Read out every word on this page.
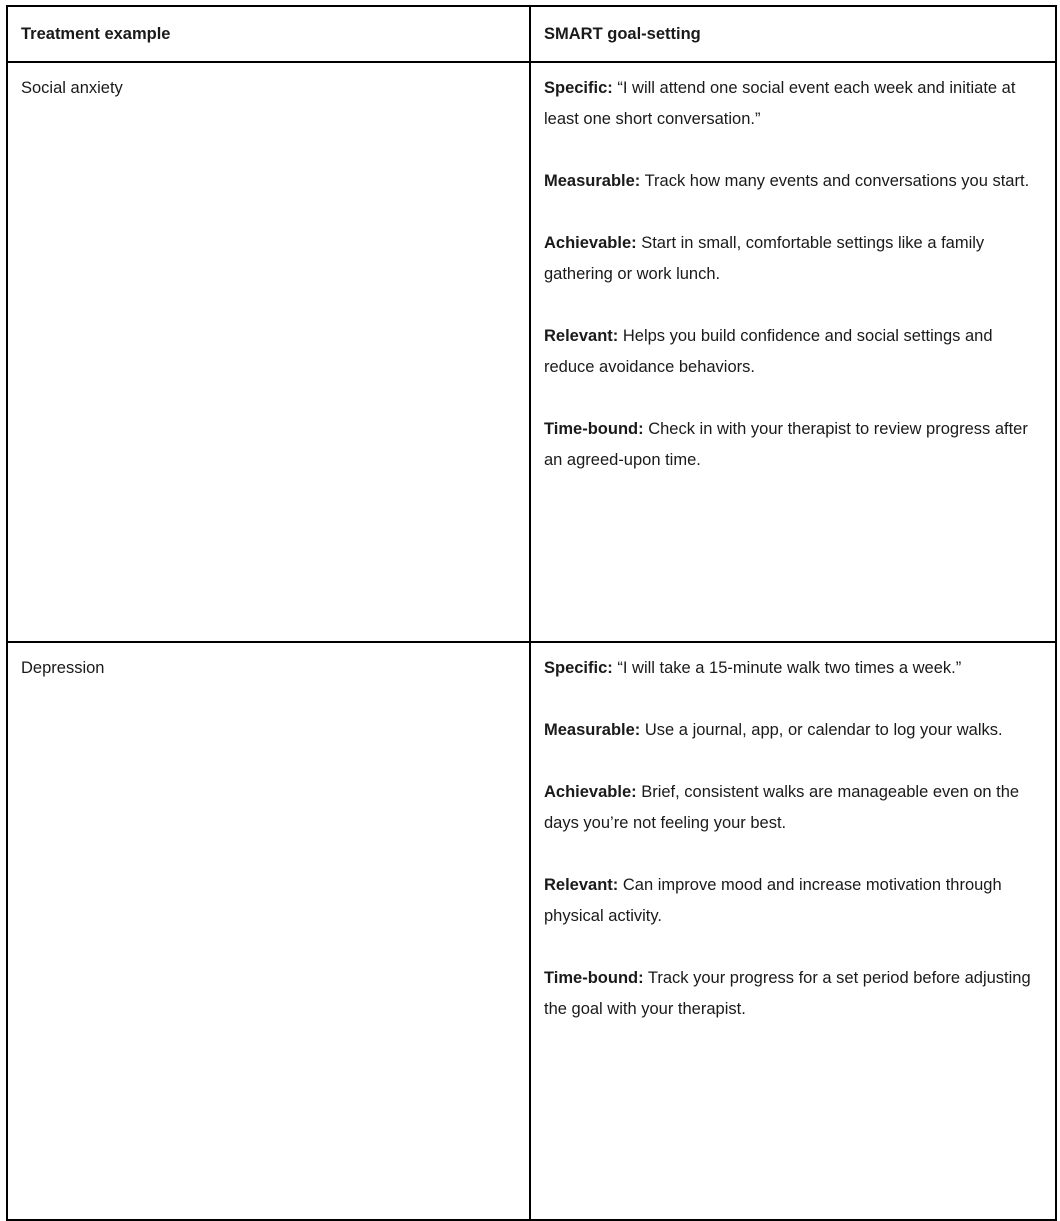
Treatment example	SMART goal-setting
Social anxiety	Specific: “I will attend one social event each week and initiate at least one short conversation.”
Measurable: Track how many events and conversations you start.
Achievable: Start in small, comfortable settings like a family gathering or work lunch.
Relevant: Helps you build confidence and social settings and reduce avoidance behaviors.
Time-bound: Check in with your therapist to review progress after an agreed-upon time.

Depression	Specific: “I will take a 15-minute walk two times a week.”
Measurable: Use a journal, app, or calendar to log your walks.
Achievable: Brief, consistent walks are manageable even on the days you’re not feeling your best.
Relevant: Can improve mood and increase motivation through physical activity.
Time-bound: Track your progress for a set period before adjusting the goal with your therapist.
